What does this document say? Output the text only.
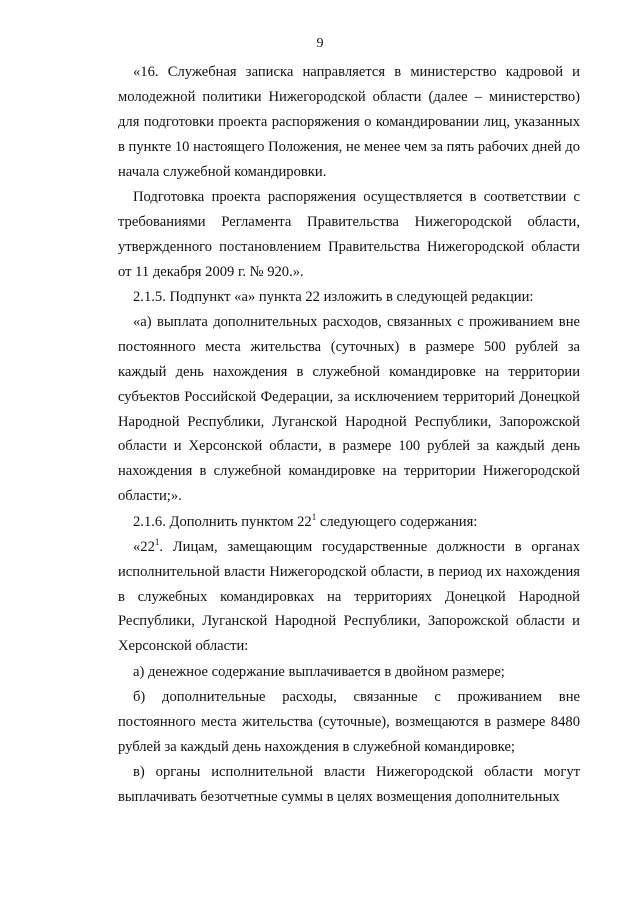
9

«16. Служебная записка направляется в министерство кадровой и молодежной политики Нижегородской области (далее – министерство) для подготовки проекта распоряжения о командировании лиц, указанных в пункте 10 настоящего Положения, не менее чем за пять рабочих дней до начала служебной командировки.

Подготовка проекта распоряжения осуществляется в соответствии с требованиями Регламента Правительства Нижегородской области, утвержденного постановлением Правительства Нижегородской области от 11 декабря 2009 г. № 920.».

2.1.5. Подпункт «а» пункта 22 изложить в следующей редакции:

«а) выплата дополнительных расходов, связанных с проживанием вне постоянного места жительства (суточных) в размере 500 рублей за каждый день нахождения в служебной командировке на территории субъектов Российской Федерации, за исключением территорий Донецкой Народной Республики, Луганской Народной Республики, Запорожской области и Херсонской области, в размере 100 рублей за каждый день нахождения в служебной командировке на территории Нижегородской области;».

2.1.6. Дополнить пунктом $22^1$ следующего содержания:

«$22^1$. Лицам, замещающим государственные должности в органах исполнительной власти Нижегородской области, в период их нахождения в служебных командировках на территориях Донецкой Народной Республики, Луганской Народной Республики, Запорожской области и Херсонской области:

а) денежное содержание выплачивается в двойном размере;

б) дополнительные расходы, связанные с проживанием вне постоянного места жительства (суточные), возмещаются в размере 8480 рублей за каждый день нахождения в служебной командировке;

в) органы исполнительной власти Нижегородской области могут выплачивать безотчетные суммы в целях возмещения дополнительных
